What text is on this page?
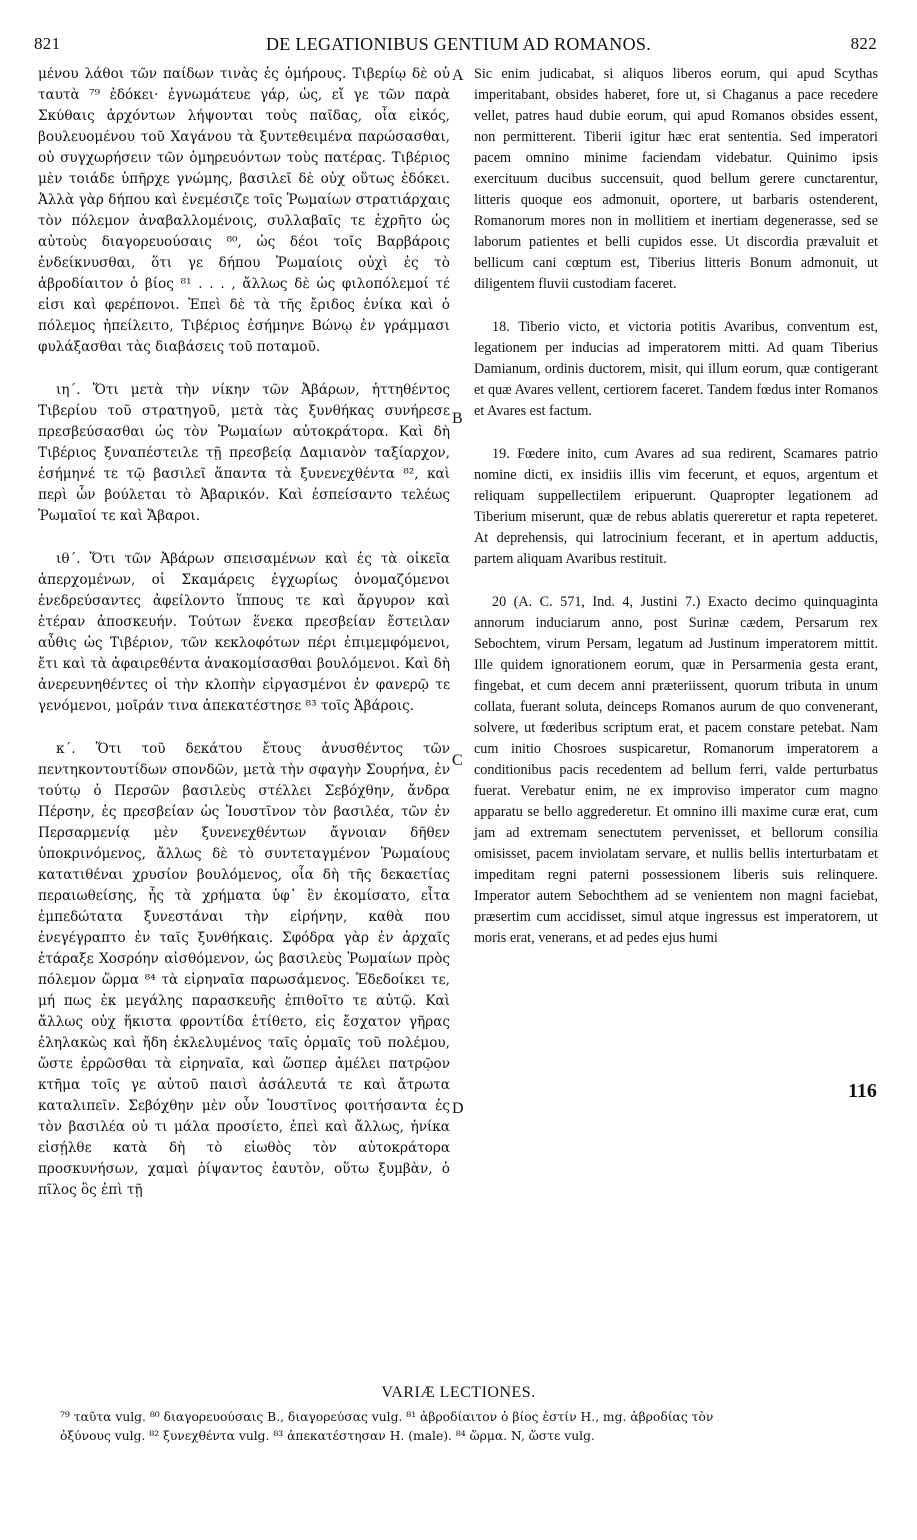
821	DE LEGATIONIBUS GENTIUM AD ROMANOS.	822

μένου λάθοι τῶν παίδων τινὰς ἐς ὁμήρους. Τιβερίῳ δὲ οὐ ταυτὰ ⁷⁹ ἐδόκει· ἐγνωμάτευε γάρ, ὡς, εἴ γε τῶν παρὰ Σκύθαις ἀρχόντων λήψονται τοὺς παῖδας, οἷα εἰκός, βουλευομένου τοῦ Χαγάνου τὰ ξυντεθειμένα παρώσασθαι, οὐ συγχωρήσειν τῶν ὁμηρευόντων τοὺς πατέρας. Τιβέριος μὲν τοιάδε ὑπῆρχε γνώμης, βασιλεῖ δὲ οὐχ οὕτως ἐδόκει. Ἀλλὰ γὰρ δήπου καὶ ἐνεμέσιζε τοῖς Ῥωμαίων στρατιάρχαις τὸν πόλεμον ἀναβαλλομένοις, συλλαβαῖς τε ἐχρῆτο ὡς αὐτοὺς διαγορευούσαις ⁸⁰, ὡς δέοι τοῖς Βαρβάροις ἐνδείκνυσθαι, ὅτι γε δήπου Ῥωμαίοις οὐχὶ ἐς τὸ ἀβροδίαιτον ὁ βίος ⁸¹ . . . , ἄλλως δὲ ὡς φιλοπόλεμοί τέ εἰσι καὶ φερέπονοι. Ἐπεὶ δὲ τὰ τῆς ἔριδος ἐνίκα καὶ ὁ πόλεμος ἠπείλειτο, Τιβέριος ἐσήμηνε Βώνῳ ἐν γράμμασι φυλάξασθαι τὰς διαβάσεις τοῦ ποταμοῦ.

ιη΄. Ὅτι μετὰ τὴν νίκην τῶν Ἀβάρων, ἡττηθέντος Τιβερίου τοῦ στρατηγοῦ, μετὰ τὰς ξυνθήκας συνήρεσε πρεσβεύσασθαι ὡς τὸν Ῥωμαίων αὐτοκράτορα. Καὶ δὴ Τιβέριος ξυναπέστειλε τῇ πρεσβείᾳ Δαμιανὸν ταξίαρχον, ἐσήμηνέ τε τῷ βασιλεῖ ἅπαντα τὰ ξυνενεχθέντα ⁸², καὶ περὶ ὧν βούλεται τὸ Ἀβαρικόν. Καὶ ἐσπείσαντο τελέως Ῥωμαῖοί τε καὶ Ἄβαροι.

ιθ΄. Ὅτι τῶν Ἀβάρων σπεισαμένων καὶ ἐς τὰ οἰκεῖα ἀπερχομένων, οἱ Σκαμάρεις ἐγχωρίως ὀνομαζόμενοι ἐνεδρεύσαντες ἀφείλοντο ἵππους τε καὶ ἄργυρον καὶ ἑτέραν ἀποσκευήν. Τούτων ἕνεκα πρεσβείαν ἔστειλαν αὖθις ὡς Τιβέριον, τῶν κεκλοφότων πέρι ἐπιμεμφόμενοι, ἔτι καὶ τὰ ἀφαιρεθέντα ἀνακομίσασθαι βουλόμενοι. Καὶ δὴ ἀνερευνηθέντες οἱ τὴν κλοπὴν εἰργασμένοι ἐν φανερῷ τε γενόμενοι, μοῖράν τινα ἀπεκατέστησε ⁸³ τοῖς Ἀβάροις.

κ΄. Ὅτι τοῦ δεκάτου ἔτους ἀνυσθέντος τῶν πεντηκοντουτίδων σπονδῶν, μετὰ τὴν σφαγὴν Σουρήνα, ἐν τούτῳ ὁ Περσῶν βασιλεὺς στέλλει Σεβόχθην, ἄνδρα Πέρσην, ἐς πρεσβείαν ὡς Ἰουστῖνον τὸν βασιλέα, τῶν ἐν Περσαρμενίᾳ μὲν ξυνενεχθέντων ἄγνοιαν δῆθεν ὑποκρινόμενος, ἄλλως δὲ τὸ συντεταγμένον Ῥωμαίους κατατιθέναι χρυσίον βουλόμενος, οἷα δὴ τῆς δεκαετίας περαιωθείσης, ἧς τὰ χρήματα ὑφ᾽ ἓν ἐκομίσατο, εἶτα ἐμπεδώτατα ξυνεστάναι τὴν εἰρήνην, καθὰ που ἐνεγέγραπτο ἐν ταῖς ξυνθήκαις. Σφόδρα γὰρ ἐν ἀρχαῖς ἐτάραξε Χοσρόην αἰσθόμενον, ὡς βασιλεὺς Ῥωμαίων πρὸς πόλεμον ὥρμα ⁸⁴ τὰ εἰρηναῖα παρωσάμενος. Ἐδεδοίκει τε, μή πως ἐκ μεγάλης παρασκευῆς ἐπιθοῖτο τε αὐτῷ. Καὶ ἄλλως οὐχ ἥκιστα φροντίδα ἐτίθετο, εἰς ἔσχατον γῆρας ἐληλακὼς καὶ ἤδη ἐκλελυμένος ταῖς ὁρμαῖς τοῦ πολέμου, ὥστε ἐρρῶσθαι τὰ εἰρηναῖα, καὶ ὥσπερ ἀμέλει πατρῷον κτῆμα τοῖς γε αὐτοῦ παισὶ ἀσάλευτά τε καὶ ἄτρωτα καταλιπεῖν. Σεβόχθην μὲν οὖν Ἰουστῖνος φοιτήσαντα ἐς τὸν βασιλέα οὐ τι μάλα προσίετο, ἐπεὶ καὶ ἄλλως, ἡνίκα εἰσῄλθε κατὰ δὴ τὸ εἰωθὸς τὸν αὐτοκράτορα προσκυνήσων, χαμαὶ ῥίψαντος ἑαυτὸν, οὕτω ξυμβὰν, ὁ πῖλος ὃς ἐπὶ τῇ

A
B
C
D

Sic enim judicabat, si aliquos liberos eorum, qui apud Scythas imperitabant, obsides haberet, fore ut, si Chaganus a pace recedere vellet, patres haud dubie eorum, qui apud Romanos obsides essent, non permitterent. Tiberii igitur hæc erat sententia. Sed imperatori pacem omnino minime faciendam videbatur. Quinimo ipsis exercituum ducibus succensuit, quod bellum gerere cunctarentur, litteris quoque eos admonuit, oportere, ut barbaris ostenderent, Romanorum mores non in mollitiem et inertiam degenerasse, sed se laborum patientes et belli cupidos esse. Ut discordia prævaluit et bellicum cani cœptum est, Tiberius litteris Bonum admonuit, ut diligentem fluvii custodiam faceret.

18. Tiberio victo, et victoria potitis Avaribus, conventum est, legationem per inducias ad imperatorem mitti. Ad quam Tiberius Damianum, ordinis ductorem, misit, qui illum eorum, quæ contigerant et quæ Avares vellent, certiorem faceret. Tandem fœdus inter Romanos et Avares est factum.

19. Fœdere inito, cum Avares ad sua redirent, Scamares patrio nomine dicti, ex insidiis illis vim fecerunt, et equos, argentum et reliquam suppellectilem eripuerunt. Quapropter legationem ad Tiberium miserunt, quæ de rebus ablatis quereretur et rapta repeteret. At deprehensis, qui latrocinium fecerant, et in apertum adductis, partem aliquam Avaribus restituit.

20 (A. C. 571, Ind. 4, Justini 7.) Exacto decimo quinquaginta annorum induciarum anno, post Surinæ cædem, Persarum rex Sebochtem, virum Persam, legatum ad Justinum imperatorem mittit. Ille quidem ignorationem eorum, quæ in Persarmenia gesta erant, fingebat, et cum decem anni præteriissent, quorum tributa in unum collata, fuerant soluta, deinceps Romanos aurum de quo convenerant, solvere, ut fœderibus scriptum erat, et pacem constare petebat. Nam cum initio Chosroes suspicaretur, Romanorum imperatorem a conditionibus pacis recedentem ad bellum ferri, valde perturbatus fuerat. Verebatur enim, ne ex improviso imperator cum magno apparatu se bello aggrederetur. Et omnino illi maxime curæ erat, cum jam ad extremam senectutem pervenisset, et bellorum consilia omisisset, pacem inviolatam servare, et nullis bellis interturbatam et impeditam regni paterni possessionem liberis suis relinquere. Imperator autem Sebochthem ad se venientem non magni faciebat, præsertim cum accidisset, simul atque ingressus est imperatorem, ut moris erat, venerans, et ad pedes ejus humi

116
VARIÆ LECTIONES.
⁷⁹ ταῦτα vulg. ⁸⁰ διαγορευούσαις B., διαγορεύσας vulg. ⁸¹ ἀβροδίαιτον ὁ βίος ἐστίν H., mg. ἀβροδίας τὸν
ὀξύνους vulg. ⁸² ξυνεχθέντα vulg. ⁸³ ἀπεκατέστησαν H. (male). ⁸⁴ ὥρμα. N, ὥστε vulg.
